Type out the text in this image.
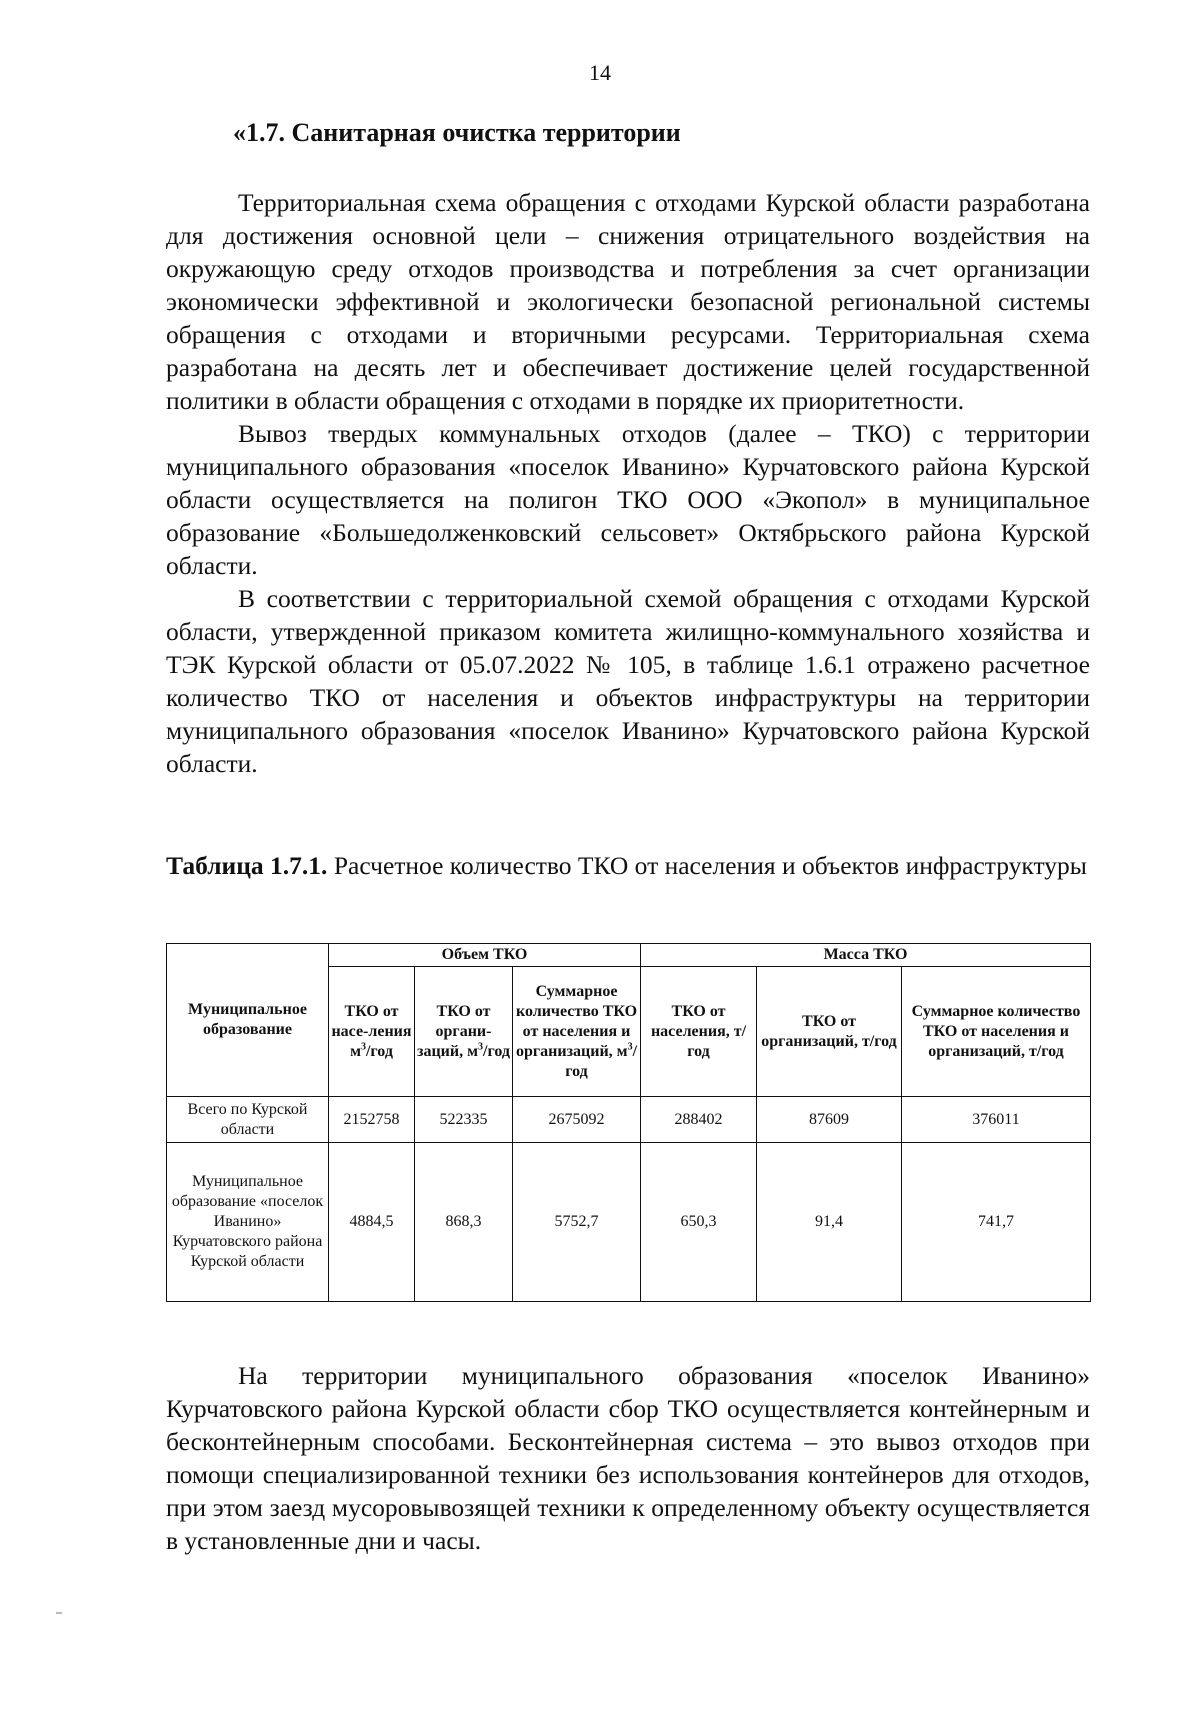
14
«1.7. Санитарная очистка территории

Территориальная схема обращения с отходами Курской области разработана для достижения основной цели – снижения отрицательного воздействия на окружающую среду отходов производства и потребления за счет организации экономически эффективной и экологически безопасной региональной системы обращения с отходами и вторичными ресурсами. Территориальная схема разработана на десять лет и обеспечивает достижение целей государственной политики в области обращения с отходами в порядке их приоритетности.

Вывоз твердых коммунальных отходов (далее – ТКО) с территории муниципального образования «поселок Иванино» Курчатовского района Курской области осуществляется на полигон ТКО ООО «Экопол» в муниципальное образование «Большедолженковский сельсовет» Октябрьского района Курской области.

В соответствии с территориальной схемой обращения с отходами Курской области, утвержденной приказом комитета жилищно-коммунального хозяйства и ТЭК Курской области от 05.07.2022 № 105, в таблице 1.6.1 отражено расчетное количество ТКО от населения и объектов инфраструктуры на территории муниципального образования «поселок Иванино» Курчатовского района Курской области.

Таблица 1.7.1. Расчетное количество ТКО от населения и объектов инфраструктуры

Муниципальное образование	Объем ТКО			Масса ТКО		
	ТКО от насе-ления $м^3$/год	ТКО от органи-заций, $м^3$/год	Суммарное количество ТКО от населения и организаций, $м^3$/год	ТКО от населения, т/год	ТКО от организаций, т/год	Суммарное количество ТКО от населения и организаций, т/год
Всего по Курской области	2152758	522335	2675092	288402	87609	376011
Муниципальное образование «поселок Иванино» Курчатовского района Курской области	4884,5	868,3	5752,7	650,3	91,4	741,7

На территории муниципального образования «поселок Иванино» Курчатовского района Курской области сбор ТКО осуществляется контейнерным и бесконтейнерным способами. Бесконтейнерная система – это вывоз отходов при помощи специализированной техники без использования контейнеров для отходов, при этом заезд мусоровывозящей техники к определенному объекту осуществляется в установленные дни и часы.
